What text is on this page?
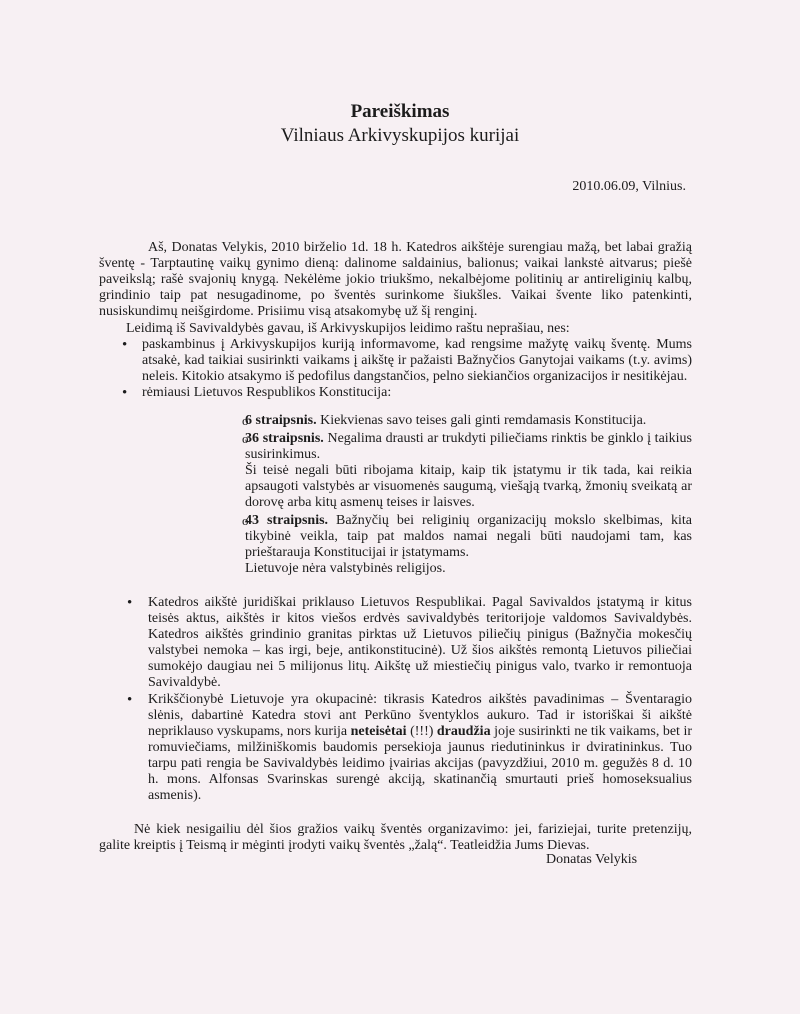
Pareiškimas
Vilniaus Arkivyskupijos kurijai
2010.06.09, Vilnius.

Aš, Donatas Velykis, 2010 birželio 1d. 18 h. Katedros aikštėje surengiau mažą, bet labai gražią šventę - Tarptautinę vaikų gynimo dieną: dalinome saldainius, balionus; vaikai lankstė aitvarus; piešė paveikslą; rašė svajonių knygą. Nekėlėme jokio triukšmo, nekalbėjome politinių ar antireliginių kalbų, grindinio taip pat nesugadinome, po šventės surinkome šiukšles. Vaikai švente liko patenkinti, nusiskundimų neišgirdome. Prisiimu visą atsakomybę už šį renginį.

Leidimą iš Savivaldybės gavau, iš Arkivyskupijos leidimo raštu neprašiau, nes:

• paskambinus į Arkivyskupijos kuriją informavome, kad rengsime mažytę vaikų šventę. Mums atsakė, kad taikiai susirinkti vaikams į aikštę ir pažaisti Bažnyčios Ganytojai vaikams (t.y. avims) neleis. Kitokio atsakymo iš pedofilus dangstančios, pelno siekiančios organizacijos ir nesitikėjau.
• rėmiausi Lietuvos Respublikos Konstitucija:
o 6 straipsnis. Kiekvienas savo teises gali ginti remdamasis Konstitucija.
o 36 straipsnis. Negalima drausti ar trukdyti piliečiams rinktis be ginklo į taikius susirinkimus.

Ši teisė negali būti ribojama kitaip, kaip tik įstatymu ir tik tada, kai reikia apsaugoti valstybės ar visuomenės saugumą, viešąją tvarką, žmonių sveikatą ar dorovę arba kitų asmenų teises ir laisves.

o 43 straipsnis. Bažnyčių bei religinių organizacijų mokslo skelbimas, kita tikybinė veikla, taip pat maldos namai negali būti naudojami tam, kas prieštarauja Konstitucijai ir įstatymams.

Lietuvoje nėra valstybinės religijos.

• Katedros aikštė juridiškai priklauso Lietuvos Respublikai. Pagal Savivaldos įstatymą ir kitus teisės aktus, aikštės ir kitos viešos erdvės savivaldybės teritorijoje valdomos Savivaldybės. Katedros aikštės grindinio granitas pirktas už Lietuvos piliečių pinigus (Bažnyčia mokesčių valstybei nemoka – kas irgi, beje, antikonstitucinė). Už šios aikštės remontą Lietuvos piliečiai sumokėjo daugiau nei 5 milijonus litų. Aikštę už miestiečių pinigus valo, tvarko ir remontuoja Savivaldybė.
• Krikščionybė Lietuvoje yra okupacinė: tikrasis Katedros aikštės pavadinimas – Šventaragio slėnis, dabartinė Katedra stovi ant Perkūno šventyklos aukuro. Tad ir istoriškai ši aikštė nepriklauso vyskupams, nors kurija neteisėtai (!!!) draudžia joje susirinkti ne tik vaikams, bet ir romuviečiams, milžiniškomis baudomis persekioja jaunus riedutininkus ir dviratininkus. Tuo tarpu pati rengia be Savivaldybės leidimo įvairias akcijas (pavyzdžiui, 2010 m. gegužės 8 d. 10 h. mons. Alfonsas Svarinskas surengė akciją, skatinančią smurtauti prieš homoseksualius asmenis).

Nė kiek nesigailiu dėl šios gražios vaikų šventės organizavimo: jei, fariziejai, turite pretenzijų, galite kreiptis į Teismą ir mėginti įrodyti vaikų šventės „žalą“. Teatleidžia Jums Dievas.

Donatas Velykis
